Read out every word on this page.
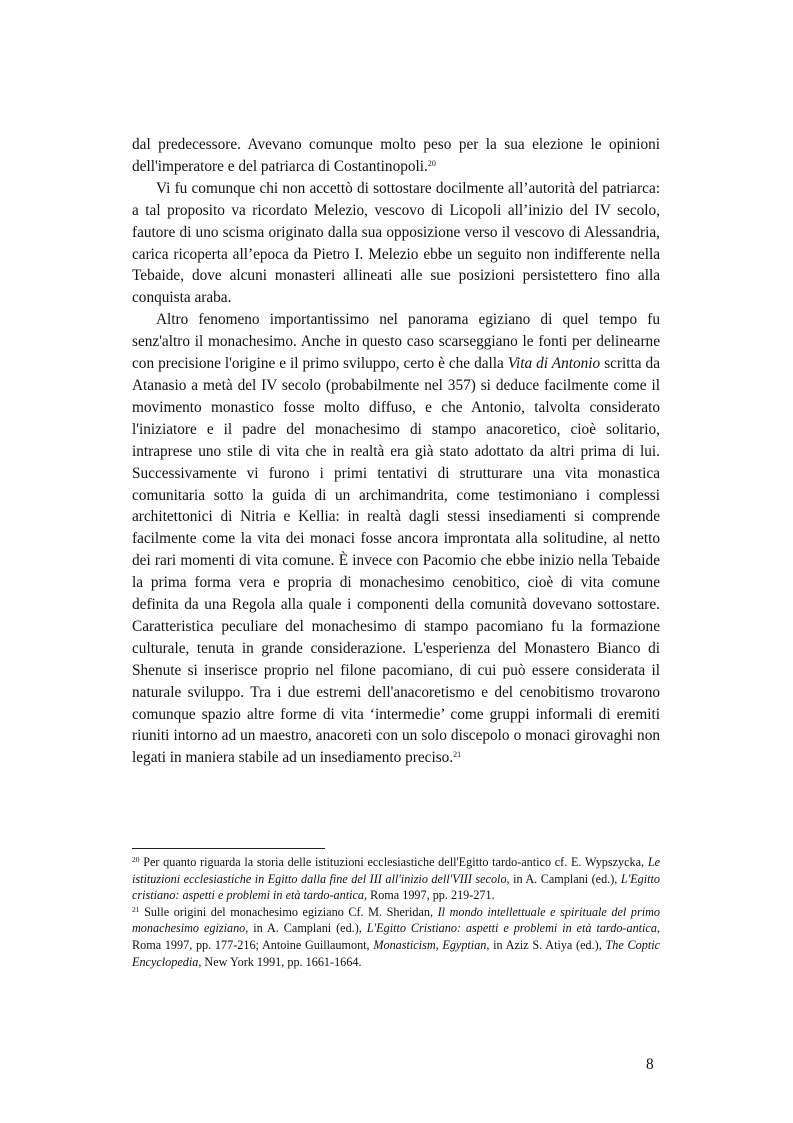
dal predecessore. Avevano comunque molto peso per la sua elezione le opinioni dell'imperatore e del patriarca di Costantinopoli.$^{20}$

Vi fu comunque chi non accettò di sottostare docilmente all’autorità del patriarca: a tal proposito va ricordato Melezio, vescovo di Licopoli all’inizio del IV secolo, fautore di uno scisma originato dalla sua opposizione verso il vescovo di Alessandria, carica ricoperta all’epoca da Pietro I. Melezio ebbe un seguito non indifferente nella Tebaide, dove alcuni monasteri allineati alle sue posizioni persistettero fino alla conquista araba.

Altro fenomeno importantissimo nel panorama egiziano di quel tempo fu senz'altro il monachesimo. Anche in questo caso scarseggiano le fonti per delinearne con precisione l'origine e il primo sviluppo, certo è che dalla Vita di Antonio scritta da Atanasio a metà del IV secolo (probabilmente nel 357) si deduce facilmente come il movimento monastico fosse molto diffuso, e che Antonio, talvolta considerato l'iniziatore e il padre del monachesimo di stampo anacoretico, cioè solitario, intraprese uno stile di vita che in realtà era già stato adottato da altri prima di lui. Successivamente vi furono i primi tentativi di strutturare una vita monastica comunitaria sotto la guida di un archimandrita, come testimoniano i complessi architettonici di Nitria e Kellia: in realtà dagli stessi insediamenti si comprende facilmente come la vita dei monaci fosse ancora improntata alla solitudine, al netto dei rari momenti di vita comune. È invece con Pacomio che ebbe inizio nella Tebaide la prima forma vera e propria di monachesimo cenobitico, cioè di vita comune definita da una Regola alla quale i componenti della comunità dovevano sottostare. Caratteristica peculiare del monachesimo di stampo pacomiano fu la formazione culturale, tenuta in grande considerazione. L'esperienza del Monastero Bianco di Shenute si inserisce proprio nel filone pacomiano, di cui può essere considerata il naturale sviluppo. Tra i due estremi dell'anacoretismo e del cenobitismo trovarono comunque spazio altre forme di vita ‘intermedie’ come gruppi informali di eremiti riuniti intorno ad un maestro, anacoreti con un solo discepolo o monaci girovaghi non legati in maniera stabile ad un insediamento preciso.$^{21}$

$^{20}$ Per quanto riguarda la storia delle istituzioni ecclesiastiche dell'Egitto tardo-antico cf. E. Wypszycka, Le istituzioni ecclesiastiche in Egitto dalla fine del III all'inizio dell'VIII secolo, in A. Camplani (ed.), L'Egitto cristiano: aspetti e problemi in età tardo-antica, Roma 1997, pp. 219-271.

$^{21}$ Sulle origini del monachesimo egiziano Cf. M. Sheridan, Il mondo intellettuale e spirituale del primo monachesimo egiziano, in A. Camplani (ed.), L'Egitto Cristiano: aspetti e problemi in età tardo-antica, Roma 1997, pp. 177-216; Antoine Guillaumont, Monasticism, Egyptian, in Aziz S. Atiya (ed.), The Coptic Encyclopedia, New York 1991, pp. 1661-1664.

8
